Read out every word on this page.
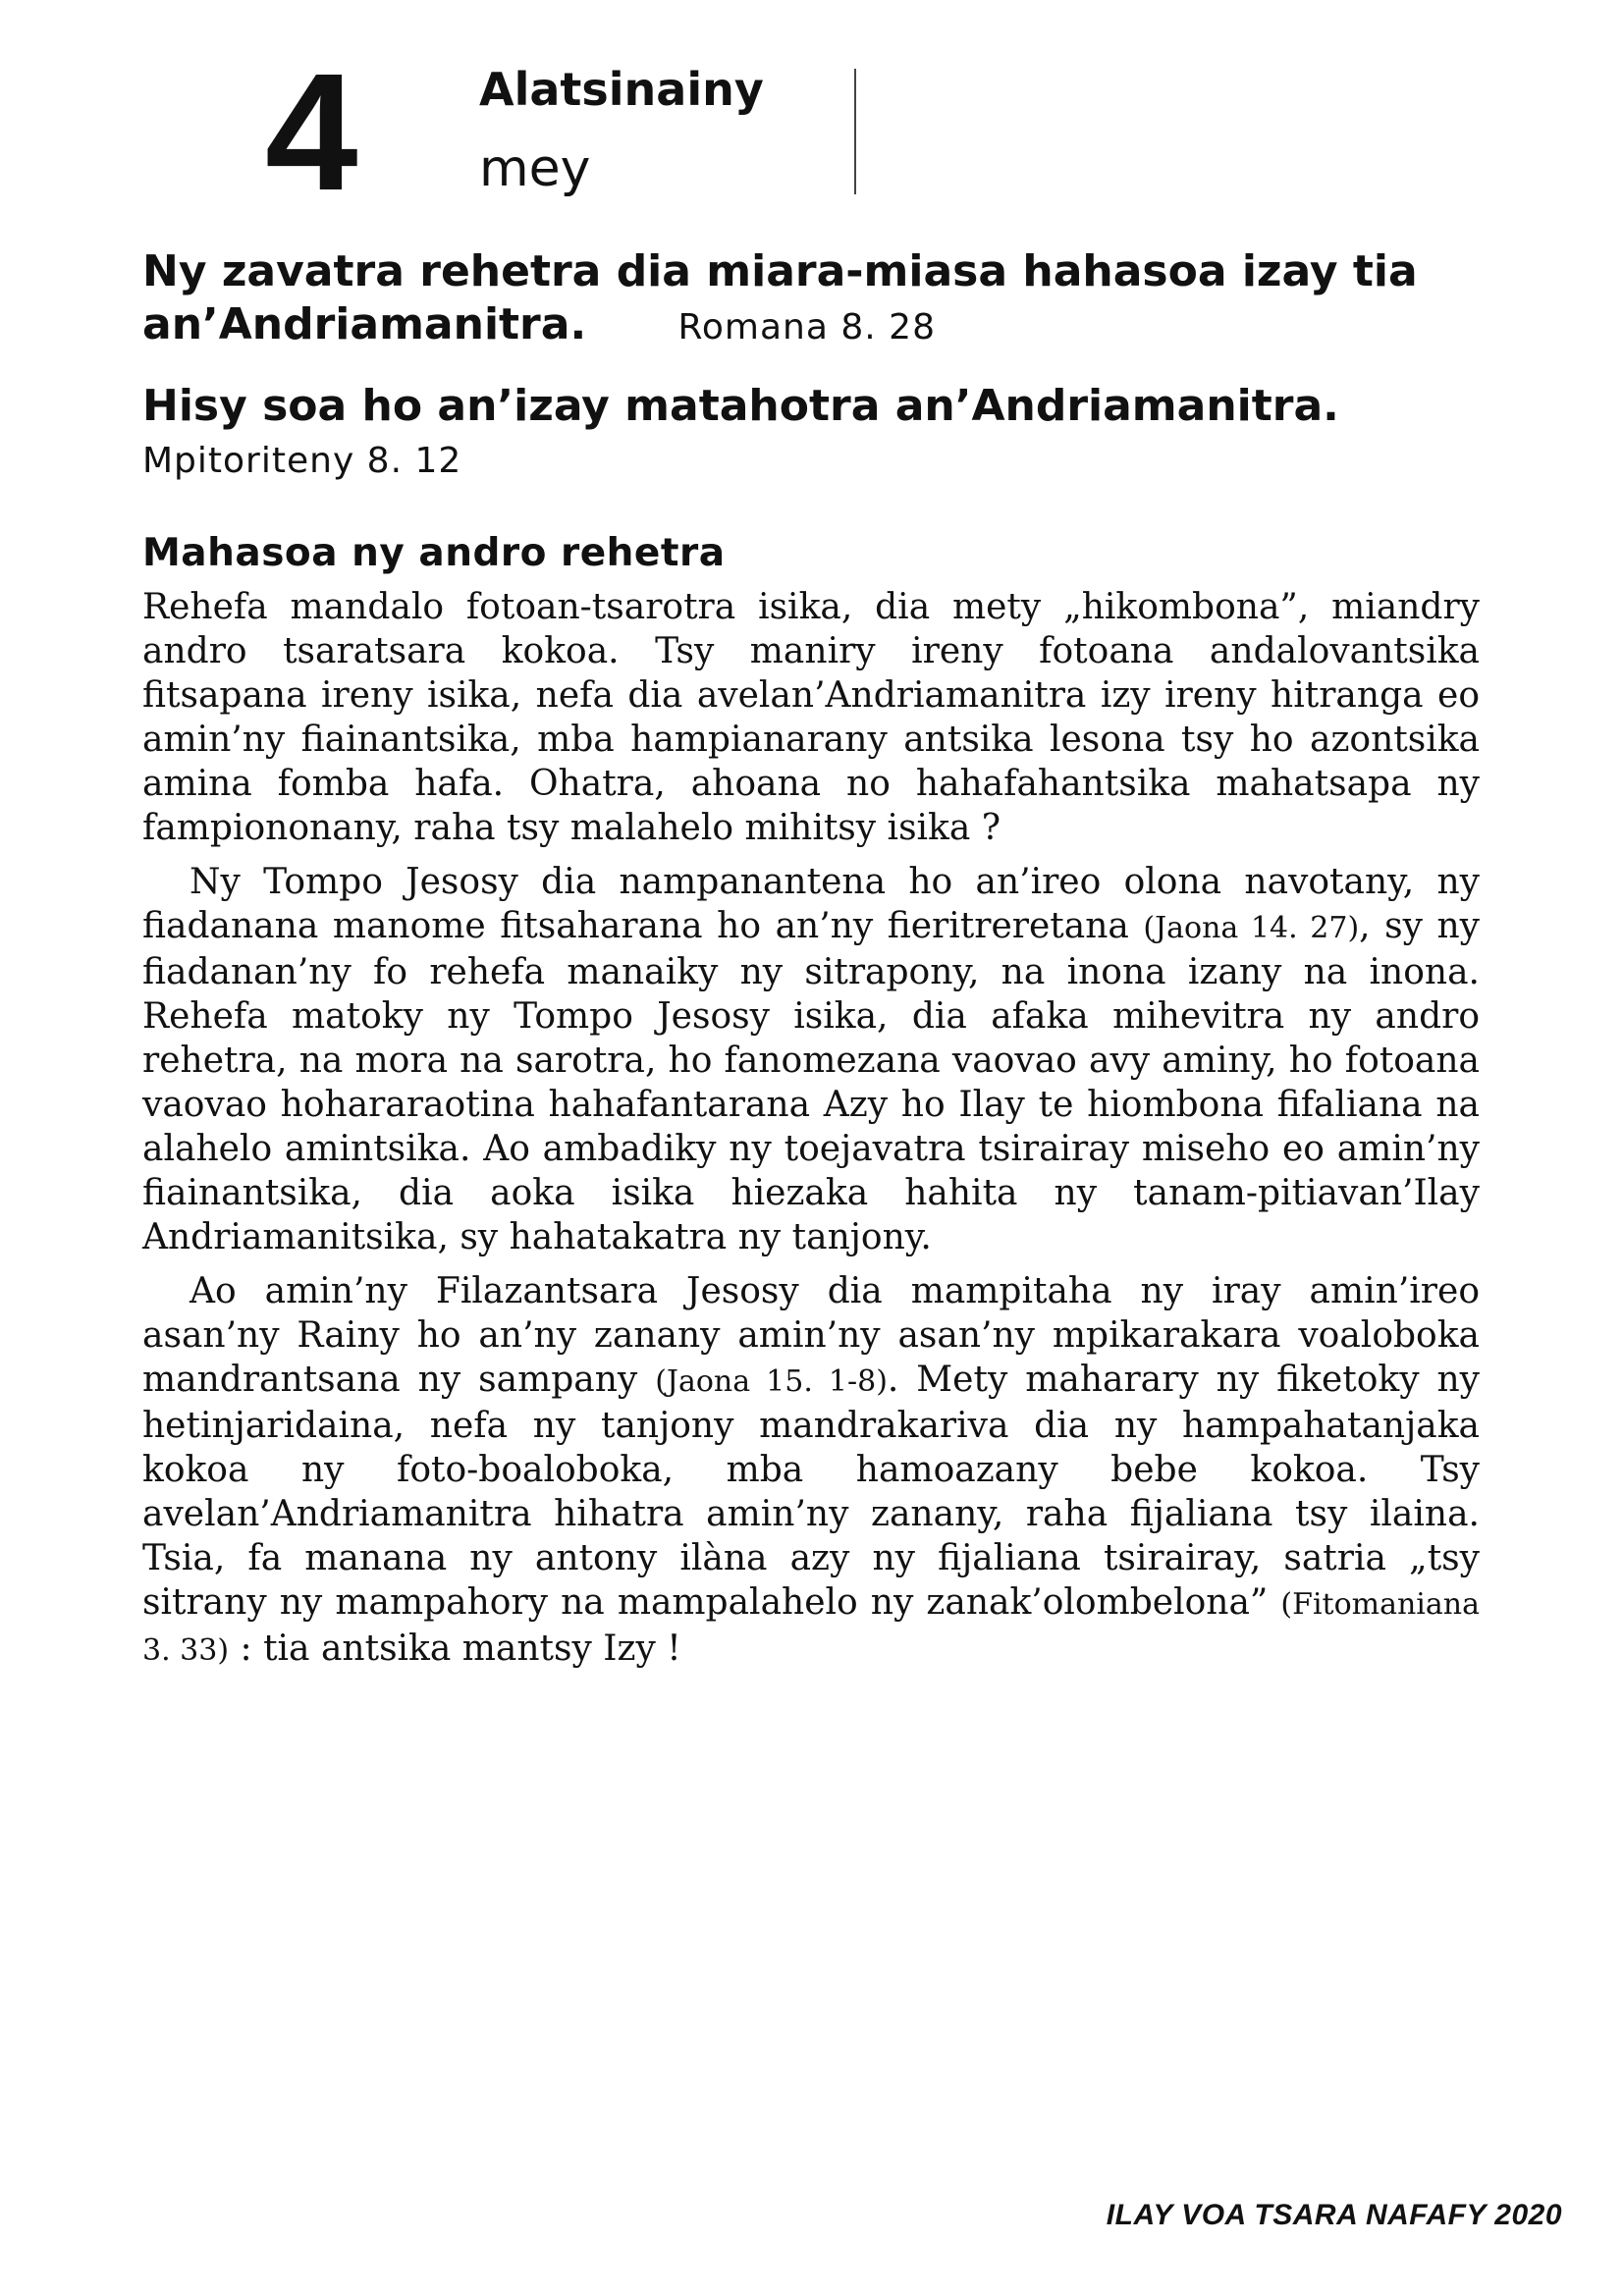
4	Alatsinainy
mey
Ny zavatra rehetra dia miara-miasa hahasoa izay tia an’Andriamanitra.	Romana 8. 28
Hisy soa ho an’izay matahotra an’Andriamanitra.
Mpitoriteny 8. 12
Mahasoa ny andro rehetra

Rehefa mandalo fotoan-tsarotra isika, dia mety „hikombona”, miandry andro tsaratsara kokoa. Tsy maniry ireny fotoana andalovantsika fitsapana ireny isika, nefa dia avelan’Andriamanitra izy ireny hitranga eo amin’ny fiainantsika, mba hampianarany antsika lesona tsy ho azontsika amina fomba hafa. Ohatra, ahoana no hahafahantsika mahatsapa ny fampiononany, raha tsy malahelo mihitsy isika ?

Ny Tompo Jesosy dia nampanantena ho an’ireo olona navotany, ny fiadanana manome fitsaharana ho an’ny fieritreretana (Jaona 14. 27), sy ny fiadanan’ny fo rehefa manaiky ny sitrapony, na inona izany na inona. Rehefa matoky ny Tompo Jesosy isika, dia afaka mihevitra ny andro rehetra, na mora na sarotra, ho fanomezana vaovao avy aminy, ho fotoana vaovao hohararaotina hahafantarana Azy ho Ilay te hiombona fifaliana na alahelo amintsika. Ao ambadiky ny toejavatra tsirairay miseho eo amin’ny fiainantsika, dia aoka isika hiezaka hahita ny tanam-pitiavan’Ilay Andriamanitsika, sy hahatakatra ny tanjony.

Ao amin’ny Filazantsara Jesosy dia mampitaha ny iray amin’ireo asan’ny Rainy ho an’ny zanany amin’ny asan’ny mpikarakara voaloboka mandrantsana ny sampany (Jaona 15. 1-8). Mety maharary ny fiketoky ny hetinjaridaina, nefa ny tanjony mandrakariva dia ny hampahatanjaka kokoa ny foto-boaloboka, mba hamoazany bebe kokoa. Tsy avelan’Andriamanitra hihatra amin’ny zanany, raha fijaliana tsy ilaina. Tsia, fa manana ny antony ilàna azy ny fijaliana tsirairay, satria „tsy sitrany ny mampahory na mampalahelo ny zanak’olombelona” (Fitomaniana 3. 33) : tia antsika mantsy Izy !

ILAY VOA TSARA NAFAFY 2020
